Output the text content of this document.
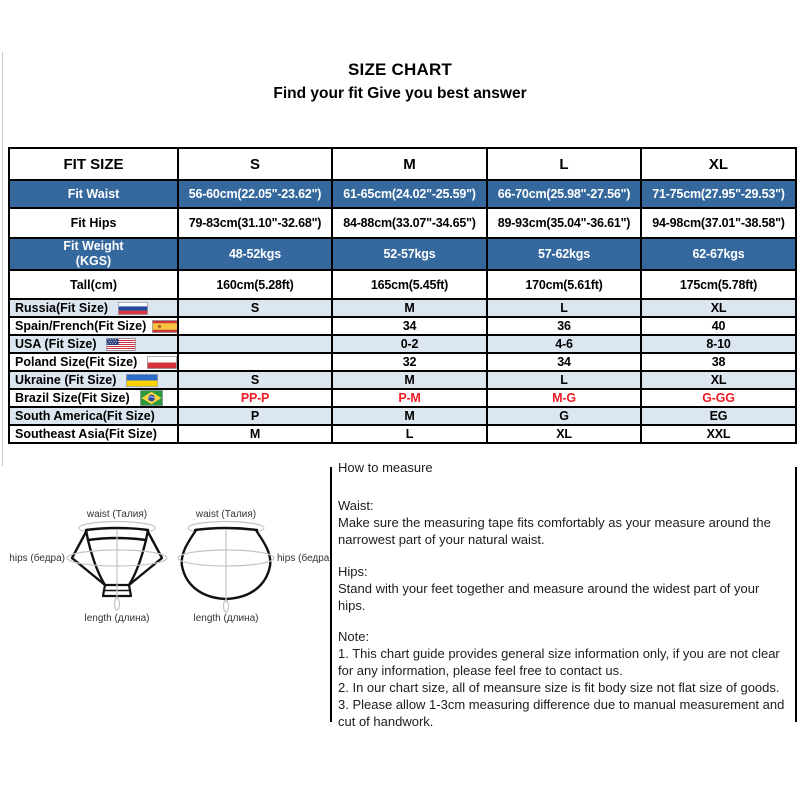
SIZE CHART
Find your fit Give you best answer
FIT SIZE	S	M	L	XL
Fit Waist	56-60cm(22.05"-23.62")	61-65cm(24.02"-25.59")	66-70cm(25.98"-27.56")	71-75cm(27.95"-29.53")
Fit Hips	79-83cm(31.10"-32.68")	84-88cm(33.07"-34.65")	89-93cm(35.04"-36.61")	94-98cm(37.01"-38.58")

Fit Weight
(KGS)	48-52kgs	52-57kgs	57-62kgs	62-67kgs
Tall(cm)	160cm(5.28ft)	165cm(5.45ft)	170cm(5.61ft)	175cm(5.78ft)

Russia(Fit Size)	S	M	L	XL

Spain/French(Fit Size)		34	36	40

USA (Fit Size)		0-2	4-6	8-10

Poland Size(Fit Size)		32	34	38

Ukraine (Fit Size)	S	M	L	XL

Brazil Size(Fit Size)	PP-P	P-M	M-G	G-GG

South America(Fit Size)	P	M	G	EG

Southeast Asia(Fit Size)	M	L	XL	XXL
waist (Талия)
hips (бедра)
length (длина)
waist (Талия)
hips (бедра)
length (длина)

How to measure

Waist:

Make sure the measuring tape fits comfortably as your measure around the narrowest part of your natural waist.

Hips:

Stand with your feet together and measure around the widest part of your hips.

Note:

1. This chart guide provides general size information only, if you are not clear for any information, please feel free to contact us.

2. In our chart size, all of meansure size is fit body size not flat size of goods.

3. Please allow 1-3cm measuring difference due to manual measurement and cut of handwork.
